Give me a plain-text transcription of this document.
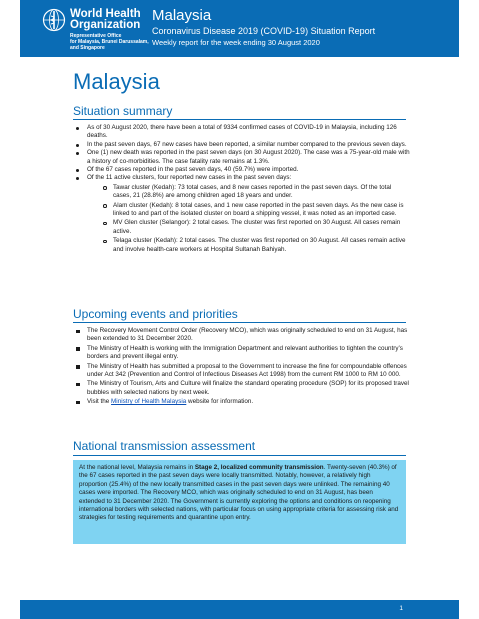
World Health
Organization
Representative Office
for Malaysia, Brunei Darussalam,
and Singapore
Malaysia
Coronavirus Disease 2019 (COVID-19) Situation Report
Weekly report for the week ending 30 August 2020
Malaysia
Situation summary
As of 30 August 2020, there have been a total of 9334 confirmed cases of COVID-19 in Malaysia, including 126 deaths.
In the past seven days, 67 new cases have been reported, a similar number compared to the previous seven days.
One (1) new death was reported in the past seven days (on 30 August 2020). The case was a 75-year-old male with a history of co-morbidities. The case fatality rate remains at 1.3%.
Of the 67 cases reported in the past seven days, 40 (59.7%) were imported.
Of the 11 active clusters, four reported new cases in the past seven days:
Tawar cluster (Kedah): 73 total cases, and 8 new cases reported in the past seven days. Of the total cases, 21 (28.8%) are among children aged 18 years and under.
Alam cluster (Kedah): 8 total cases, and 1 new case reported in the past seven days. As the new case is linked to and part of the isolated cluster on board a shipping vessel, it was noted as an imported case.
MV Glen cluster (Selangor): 2 total cases. The cluster was first reported on 30 August. All cases remain active.
Telaga cluster (Kedah): 2 total cases. The cluster was first reported on 30 August. All cases remain active and involve health-care workers at Hospital Sultanah Bahiyah.
Upcoming events and priorities
The Recovery Movement Control Order (Recovery MCO), which was originally scheduled to end on 31 August, has been extended to 31 December 2020.
The Ministry of Health is working with the Immigration Department and relevant authorities to tighten the country’s borders and prevent illegal entry.
The Ministry of Health has submitted a proposal to the Government to increase the fine for compoundable offences under Act 342 (Prevention and Control of Infectious Diseases Act 1998) from the current RM 1000 to RM 10 000.
The Ministry of Tourism, Arts and Culture will finalize the standard operating procedure (SOP) for its proposed travel bubbles with selected nations by next week.
Visit the Ministry of Health Malaysia website for information.
National transmission assessment
At the national level, Malaysia remains in Stage 2, localized community transmission. Twenty-seven (40.3%) of the 67 cases reported in the past seven days were locally transmitted. Notably, however, a relatively high proportion (25.4%) of the new locally transmitted cases in the past seven days were unlinked. The remaining 40 cases were imported. The Recovery MCO, which was originally scheduled to end on 31 August, has been extended to 31 December 2020. The Government is currently exploring the options and conditions on reopening international borders with selected nations, with particular focus on using appropriate criteria for assessing risk and strategies for testing requirements and quarantine upon entry.
1
